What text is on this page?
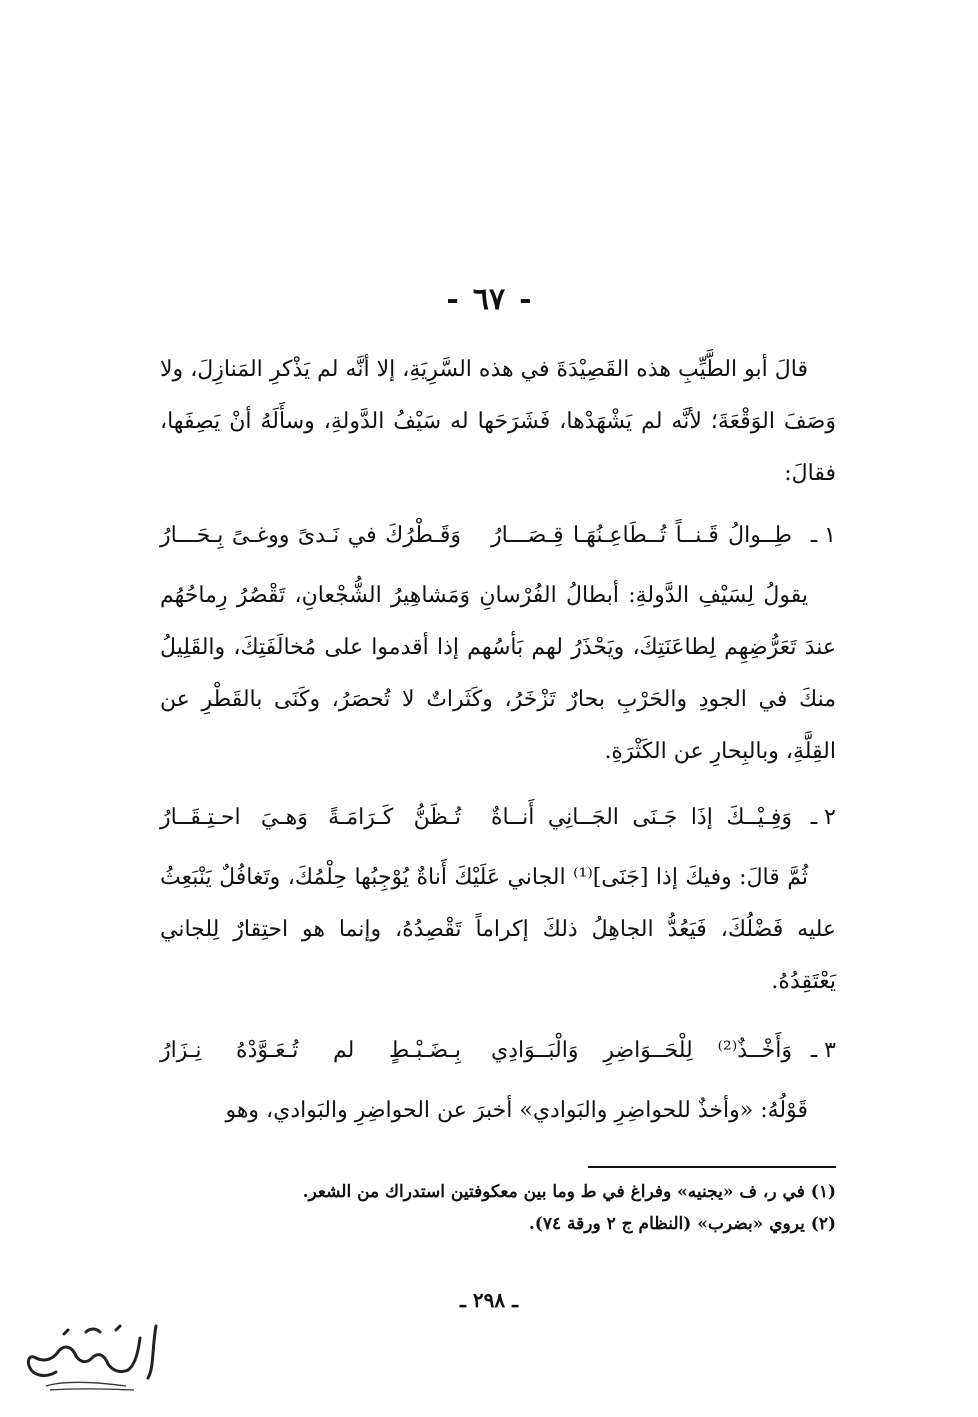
-٦٧-

قالَ أبو الطَّيِّبِ هذه القَصِيْدَةَ في هذه السَّرِيَةِ، إلا أنَّه لم يَذْكرِ المَنازِلَ، ولا وَصَفَ الوَقْعَةَ؛ لأنَّه لم يَشْهَدْها، فَشَرَحَها له سَيْفُ الدَّولةِ، وسأَلَهُ أنْ يَصِفَها، فقالَ:

١ ـ
طِــوالُ قَـنــاً تُــطَاعِـنُهَـا قِـصَـــارُ
وَقَـطْرُكَ في نَـدىً ووغـىً بِـحَـــارُ

يقولُ لِسَيْفِ الدَّولةِ: أبطالُ الفُرْسانِ وَمَشاهِيرُ الشُّجْعانِ، تَقْصُرُ رِماحُهُم عندَ تَعَرُّضِهِم لِطاعَنَتِكَ، ويَحْذَرُ لهم بَأسُهم إذا أقدموا على مُخالَفَتِكَ، والقَلِيلُ منكَ في الجودِ والحَرْبِ بحارٌ تَزْخَرُ، وكَثَراتٌ لا تُحصَرُ، وكَنَى بالقَطْرِ عن القِلَّةِ، وبالبِحارِ عن الكَثْرَةِ.

٢ ـ
وَفِـيْــكَ إذَا جَـنَى الجَــانِي أَنــاةٌ
تُـظَنُّ كَـرَامَـةً وَهـيَ احـتِـقَــارُ

ثُمَّ قالَ: وفيكَ إذا [جَنَى]⁽¹⁾ الجاني عَلَيْكَ أَناةٌ يُوْجِبُها حِلْمُكَ، وتَغافُلٌ يَنْبَعِثُ عليه فَضْلُكَ، فَيَعُدُّ الجاهِلُ ذلكَ إكراماً تَقْصِدُهُ، وإنما هو احتِقارٌ لِلجاني يَعْتَقِدُهُ.

٣ ـ
وَأَخْــذٌ⁽²⁾ لِلْحَــوَاضِرِ وَالْبَــوَادِي
بِـضَـبْـطٍ لم تُـعَـوَّدْهُ نِـزَارُ

قَوْلُهُ: «وأخذٌ للحواضِرِ والبَوادي» أخبرَ عن الحواضِرِ والبَوادي، وهو

(١) في ر، ف «يجنيه» وفراغ في ط وما بين معكوفتين استدراك من الشعر.
(٢) يروي «بضرب» (النظام ج ٢ ورقة ٧٤).
ـ ٢٩٨ ـ
